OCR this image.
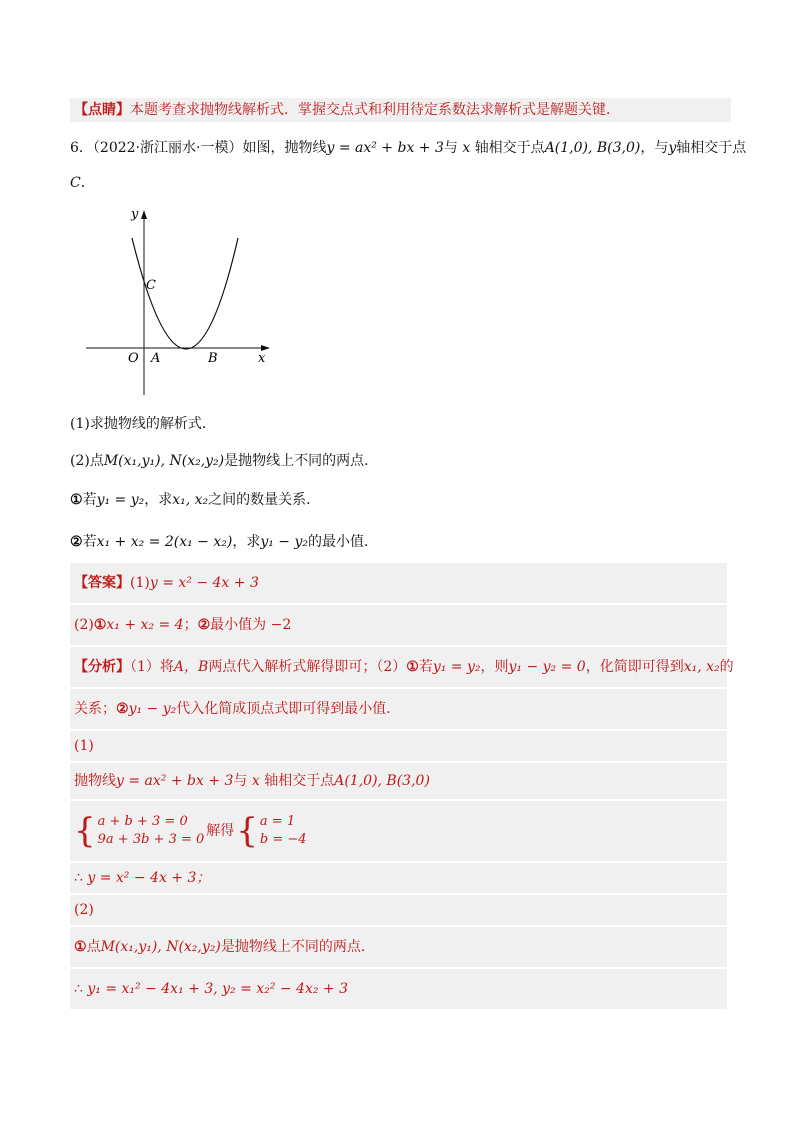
【点睛】本题考查求抛物线解析式．掌握交点式和利用待定系数法求解析式是解题关键．
6．（2022·浙江丽水·一模）如图，抛物线y = ax² + bx + 3与 x 轴相交于点A(1,0), B(3,0)，与y轴相交于点
C．
y
x
O A	B
C
(1)求抛物线的解析式．
(2)点M(x₁,y₁), N(x₂,y₂)是抛物线上不同的两点．
①若y₁ = y₂，求x₁, x₂之间的数量关系．
②若x₁ + x₂ = 2(x₁ − x₂)，求y₁ − y₂的最小值．
【答案】(1)y = x² − 4x + 3
(2)①x₁ + x₂ = 4；②最小值为 −2
【分析】（1）将A，B两点代入解析式解得即可；（2）①若y₁ = y₂，则y₁ − y₂ = 0，化简即可得到x₁, x₂的
关系；②y₁ − y₂代入化简成顶点式即可得到最小值．
(1)
抛物线y = ax² + bx + 3与 x 轴相交于点A(1,0), B(3,0)
{ a + b + 3 = 0
9a + 3b + 3 = 0
解得 { a = 1
b = −4
∴ y = x² − 4x + 3；
(2)
①点M(x₁,y₁), N(x₂,y₂)是抛物线上不同的两点．
∴ y₁ = x₁² − 4x₁ + 3, y₂ = x₂² − 4x₂ + 3
